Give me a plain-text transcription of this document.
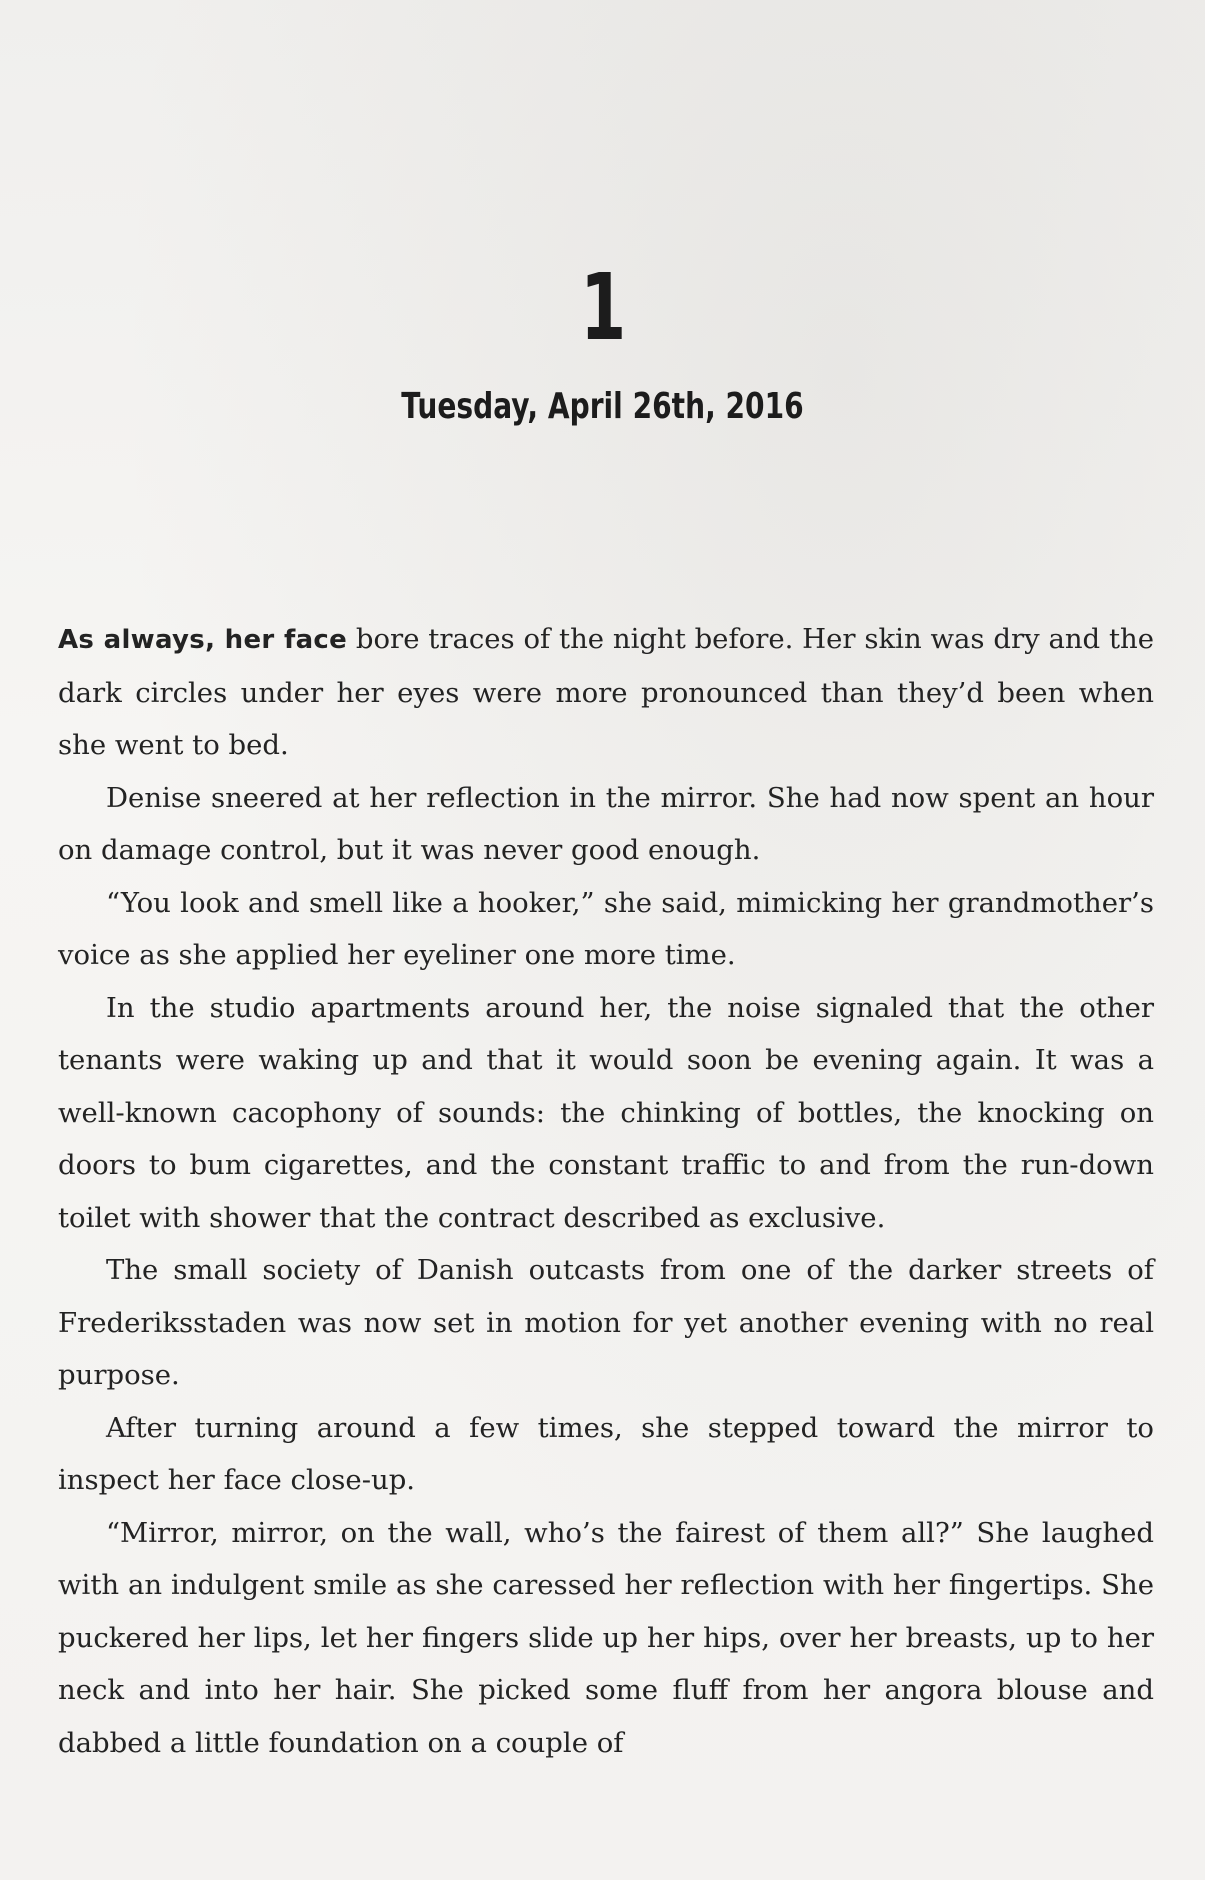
1
Tuesday, April 26th, 2016

As always, her face bore traces of the night before. Her skin was dry and the dark circles under her eyes were more pronounced than they’d been when she went to bed.

Denise sneered at her reflection in the mirror. She had now spent an hour on damage control, but it was never good enough.

“You look and smell like a hooker,” she said, mimicking her grandmother’s voice as she applied her eyeliner one more time.

In the studio apartments around her, the noise signaled that the other tenants were waking up and that it would soon be evening again. It was a well-known cacophony of sounds: the chinking of bottles, the knocking on doors to bum cigarettes, and the constant traffic to and from the run-down toilet with shower that the contract described as exclusive.

The small society of Danish outcasts from one of the darker streets of Frederiksstaden was now set in motion for yet another evening with no real purpose.

After turning around a few times, she stepped toward the mirror to inspect her face close-up.

“Mirror, mirror, on the wall, who’s the fairest of them all?” She laughed with an indulgent smile as she caressed her reflection with her fingertips. She puckered her lips, let her fingers slide up her hips, over her breasts, up to her neck and into her hair. She picked some fluff from her angora blouse and dabbed a little foundation on a couple of
